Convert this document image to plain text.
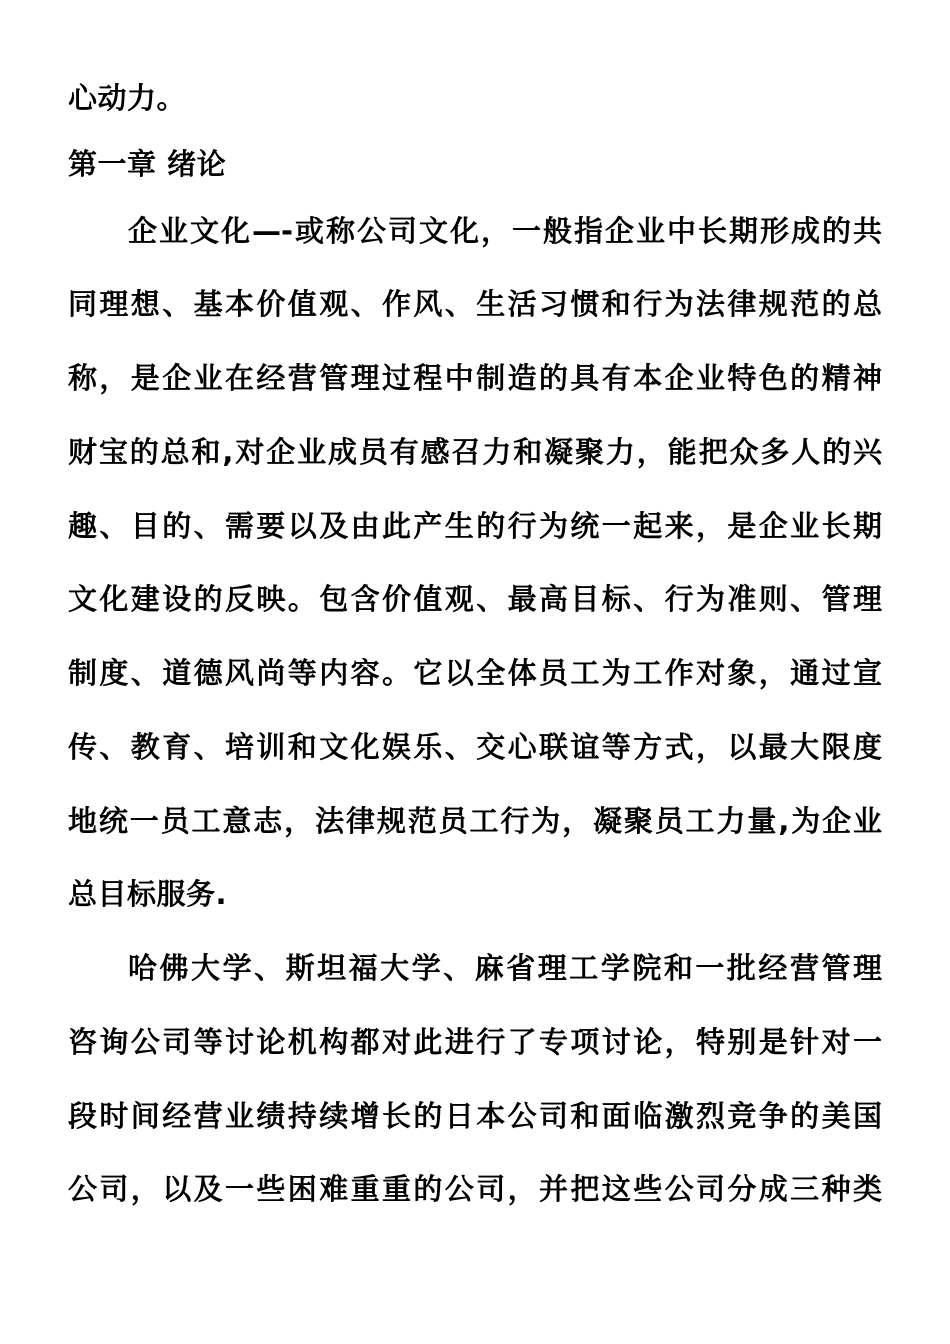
心动力。
第一章 绪论
企业文化—-或称公司文化，一般指企业中长期形成的共
同理想、基本价值观、作风、生活习惯和行为法律规范的总
称，是企业在经营管理过程中制造的具有本企业特色的精神
财宝的总和,对企业成员有感召力和凝聚力，能把众多人的兴
趣、目的、需要以及由此产生的行为统一起来，是企业长期
文化建设的反映。包含价值观、最高目标、行为准则、管理
制度、道德风尚等内容。它以全体员工为工作对象，通过宣
传、教育、培训和文化娱乐、交心联谊等方式，以最大限度
地统一员工意志，法律规范员工行为，凝聚员工力量,为企业
总目标服务.
哈佛大学、斯坦福大学、麻省理工学院和一批经营管理
咨询公司等讨论机构都对此进行了专项讨论，特别是针对一
段时间经营业绩持续增长的日本公司和面临激烈竞争的美国
公司，以及一些困难重重的公司，并把这些公司分成三种类
